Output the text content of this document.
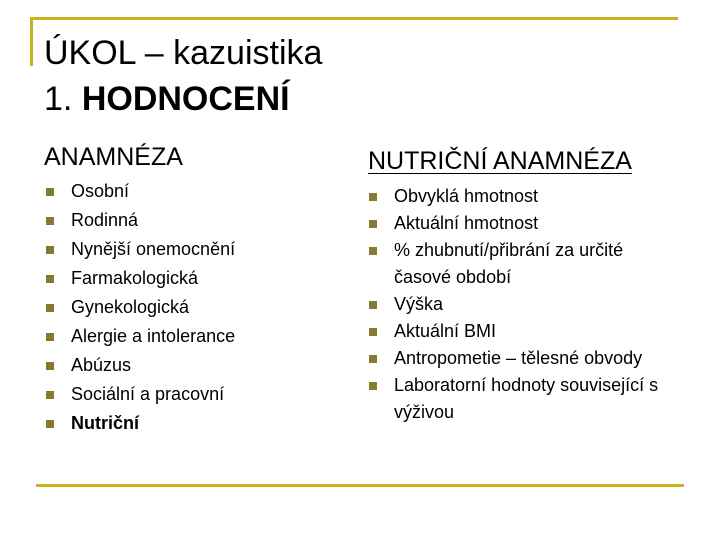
ÚKOL – kazuistika
1. HODNOCENÍ
ANAMNÉZA
Osobní
Rodinná
Nynější onemocnění
Farmakologická
Gynekologická
Alergie a intolerance
Abúzus
Sociální a pracovní
Nutriční
NUTRIČNÍ ANAMNÉZA
Obvyklá hmotnost
Aktuální hmotnost
% zhubnutí/přibrání za určité časové období
Výška
Aktuální BMI
Antropometie – tělesné obvody
Laboratorní hodnoty související s výživou
